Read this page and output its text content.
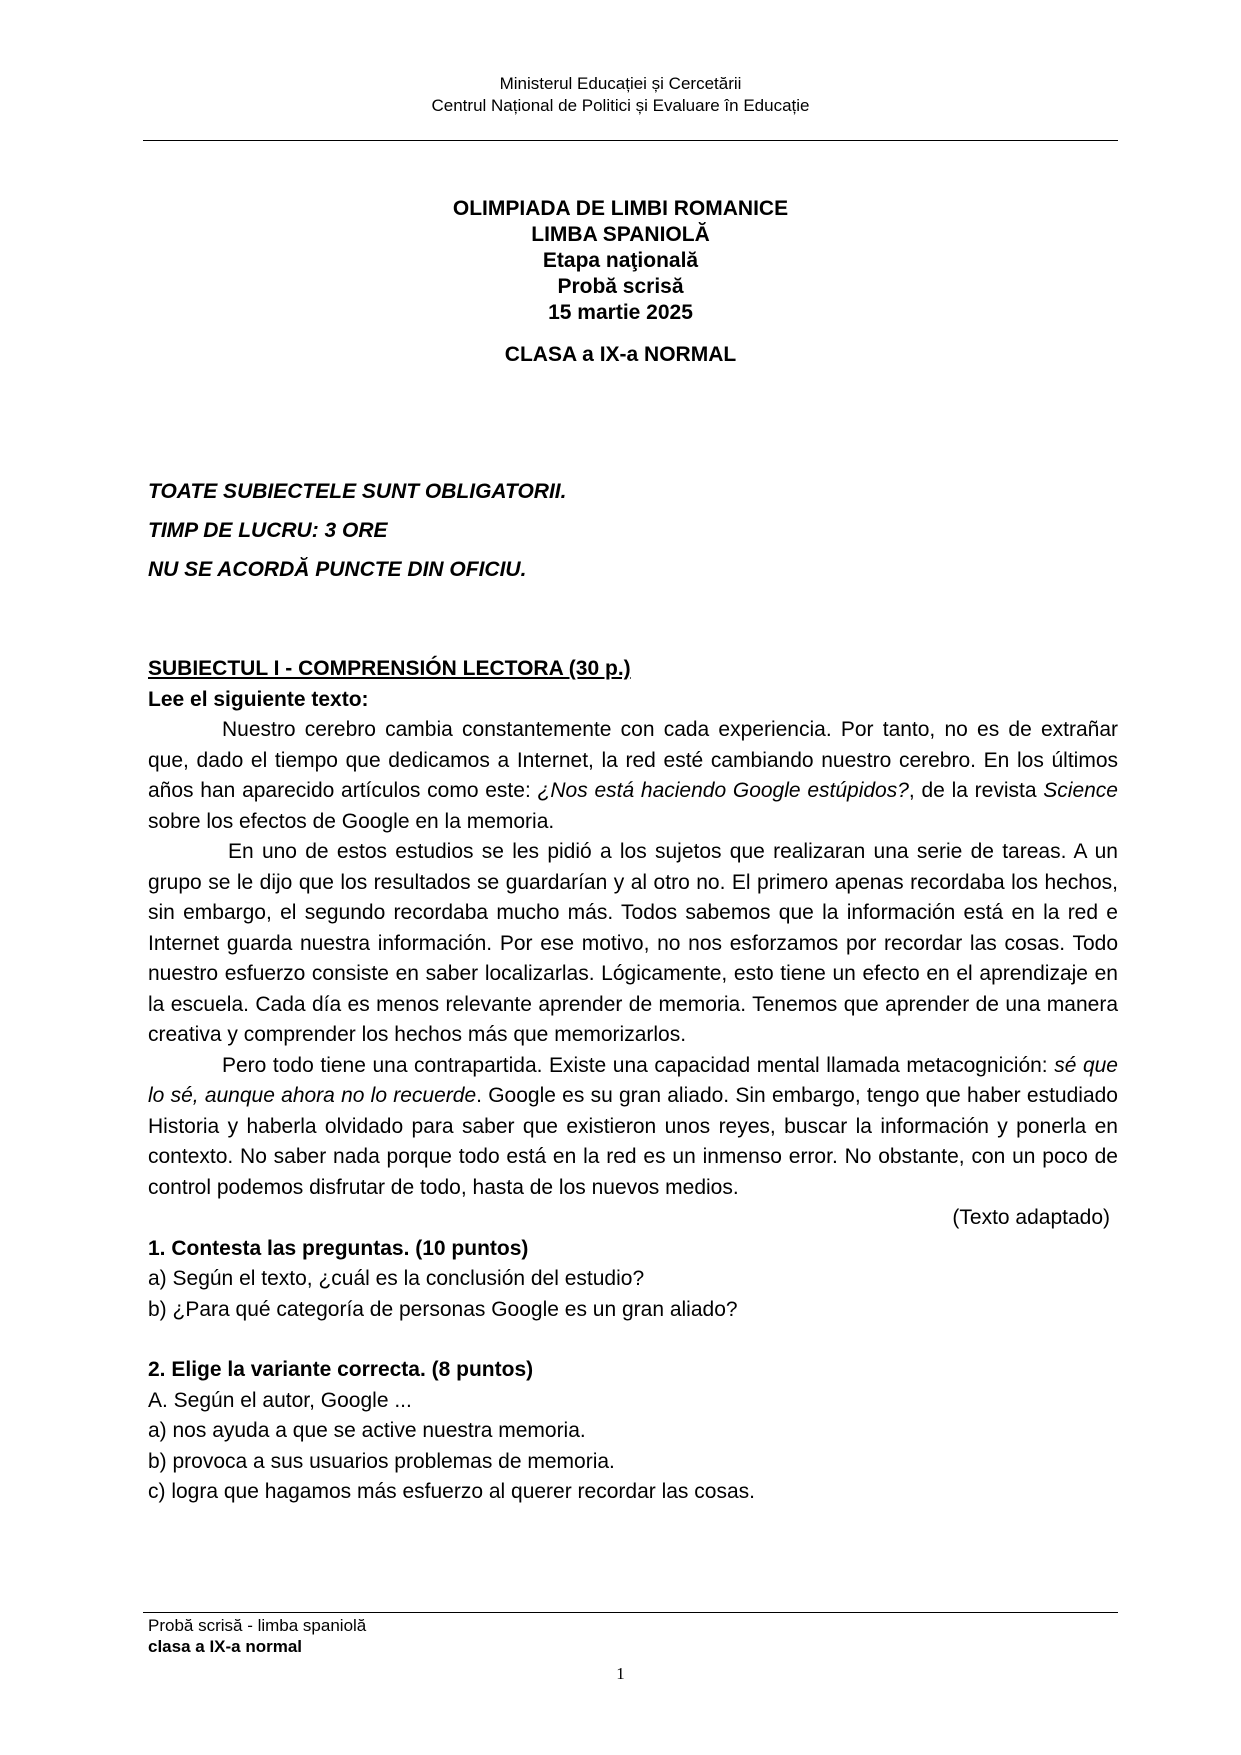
Ministerul Educației și Cercetării
Centrul Național de Politici și Evaluare în Educație
OLIMPIADA DE LIMBI ROMANICE
LIMBA SPANIOLĂ
Etapa naţională
Probă scrisă
15 martie 2025
CLASA a IX-a NORMAL
TOATE SUBIECTELE SUNT OBLIGATORII.
TIMP DE LUCRU: 3 ORE
NU SE ACORDĂ PUNCTE DIN OFICIU.

SUBIECTUL I - COMPRENSIÓN LECTORA (30 p.)

Lee el siguiente texto:

Nuestro cerebro cambia constantemente con cada experiencia. Por tanto, no es de extrañar que, dado el tiempo que dedicamos a Internet, la red esté cambiando nuestro cerebro. En los últimos años han aparecido artículos como este: ¿Nos está haciendo Google estúpidos?, de la revista Science sobre los efectos de Google en la memoria.

En uno de estos estudios se les pidió a los sujetos que realizaran una serie de tareas. A un grupo se le dijo que los resultados se guardarían y al otro no. El primero apenas recordaba los hechos, sin embargo, el segundo recordaba mucho más. Todos sabemos que la información está en la red e Internet guarda nuestra información. Por ese motivo, no nos esforzamos por recordar las cosas. Todo nuestro esfuerzo consiste en saber localizarlas. Lógicamente, esto tiene un efecto en el aprendizaje en la escuela. Cada día es menos relevante aprender de memoria. Tenemos que aprender de una manera creativa y comprender los hechos más que memorizarlos.

Pero todo tiene una contrapartida. Existe una capacidad mental llamada metacognición: sé que lo sé, aunque ahora no lo recuerde. Google es su gran aliado. Sin embargo, tengo que haber estudiado Historia y haberla olvidado para saber que existieron unos reyes, buscar la información y ponerla en contexto. No saber nada porque todo está en la red es un inmenso error. No obstante, con un poco de control podemos disfrutar de todo, hasta de los nuevos medios.

(Texto adaptado)

1. Contesta las preguntas. (10 puntos)

a) Según el texto, ¿cuál es la conclusión del estudio?

b) ¿Para qué categoría de personas Google es un gran aliado?

2. Elige la variante correcta. (8 puntos)

A. Según el autor, Google ...

a) nos ayuda a que se active nuestra memoria.

b) provoca a sus usuarios problemas de memoria.

c) logra que hagamos más esfuerzo al querer recordar las cosas.

Probă scrisă - limba spaniolă
clasa a IX-a normal
1
